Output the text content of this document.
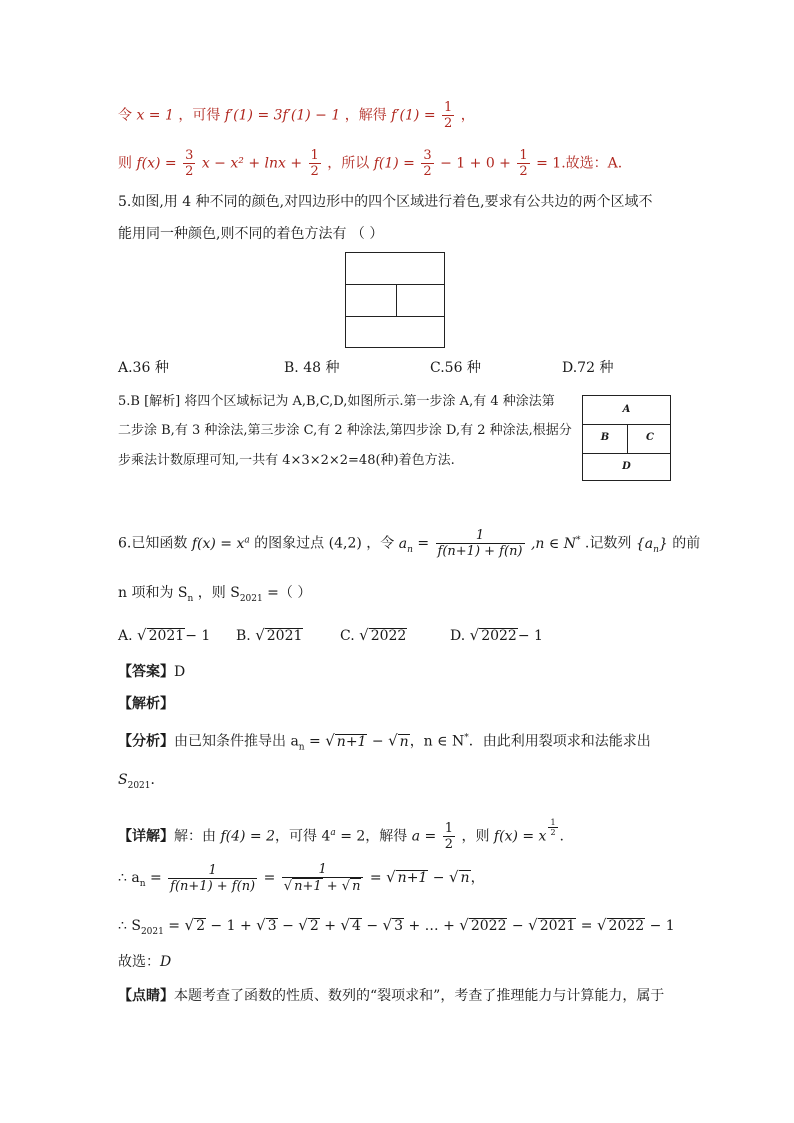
令 x = 1 ，可得 f′(1) = 3f′(1) − 1 ，解得 $f'(1) = \frac{1}{2}$ ，
则 $f(x) = \frac{3}{2}$ $x - x^2 + \ln x + \frac{1}{2}$ ，所以 $f(1) = \frac{3}{2} - 1 + 0 + \frac{1}{2} = 1$.故选：A.
5.如图,用 4 种不同的颜色,对四边形中的四个区域进行着色,要求有公共边的两个区域不
能用同一种颜色,则不同的着色方法有 （ ）
A.36 种	B. 48 种	C.56 种	D.72 种
5.B [解析] 将四个区域标记为 A,B,C,D,如图所示.第一步涂 A,有 4 种涂法第
二步涂 B,有 3 种涂法,第三步涂 C,有 2 种涂法,第四步涂 D,有 2 种涂法,根据分
步乘法计数原理可知,一共有 4×3×2×2=48(种)着色方法.
A
B	C
D
6.已知函数 $f(x) = x^a$ 的图象过点 (4,2) ，令 $a_n = \frac{1}{f(n+1) + f(n)} ,n$ ∈ N* .记数列 $\{a_n\}$ 的前
n 项和为 $S_n$ ，则 $S_{2021}$ =（ ）
A. √ 2021− 1 B. √ 2021	C. √ 2022	D. √ 2022− 1
【答案】D
【解析】
【分析】由已知条件推导出 $a_n$ = √ n+1 − √ n，n ∈ N*．由此利用裂项求和法能求出
$S_{2021}$．
【详解】解：由 f(4) = 2，可得 $4^a = 2$，解得 $a = \frac{1}{2}$ ，则 f(x) = x $\frac{1}{2}$ .
∴ $a_n = \frac{1}{f(n+1) + f(n)} = \frac{1}{√ n+1 + √ n}$ = √ n+1 − √ n，
∴ $S_{2021}$ = √ 2 − 1 + √ 3 − √ 2 + √ 4 − √ 3 + … + √ 2022 − √ 2021 = √ 2022 − 1
故选：D
【点睛】本题考查了函数的性质、数列的“裂项求和”，考查了推理能力与计算能力，属于
